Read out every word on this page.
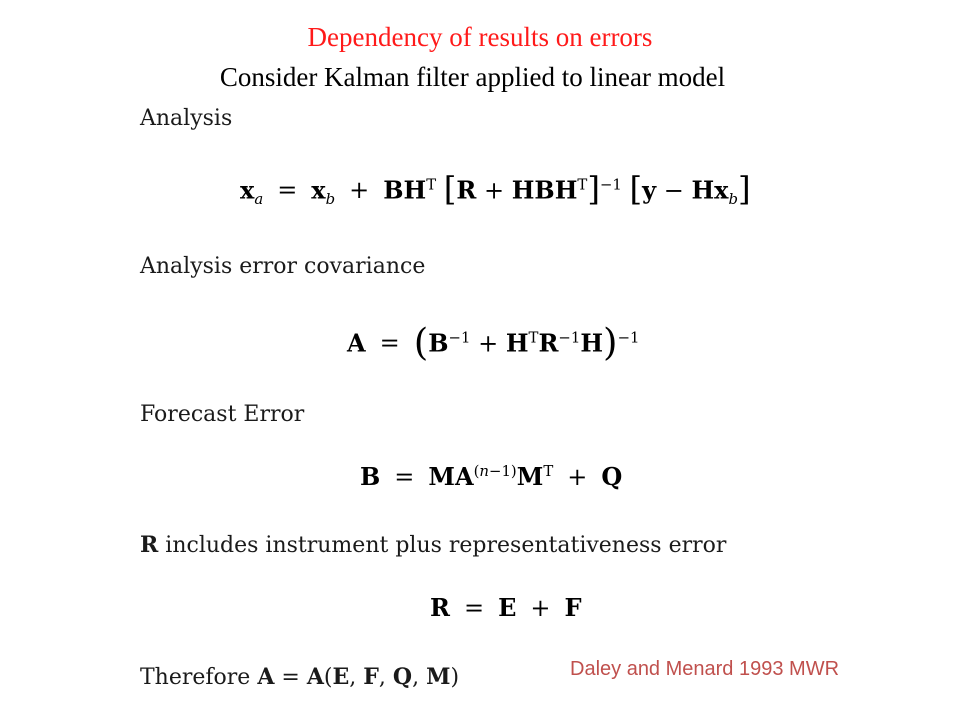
Dependency of results on errors
Consider Kalman filter applied to linear model
Analysis
$x_a = x_b + BH^T$ $[R + HBH^T]^{-1}$ $[y - Hx_b]$
Analysis error covariance
$A = (B^{-1} + H^TR^{-1}H)^{-1}$
Forecast Error
$B = MA^{(n-1)}M^T + Q$
R includes instrument plus representativeness error
R = E + F
Therefore A = A(E, F, Q, M)	Daley and Menard 1993 MWR
